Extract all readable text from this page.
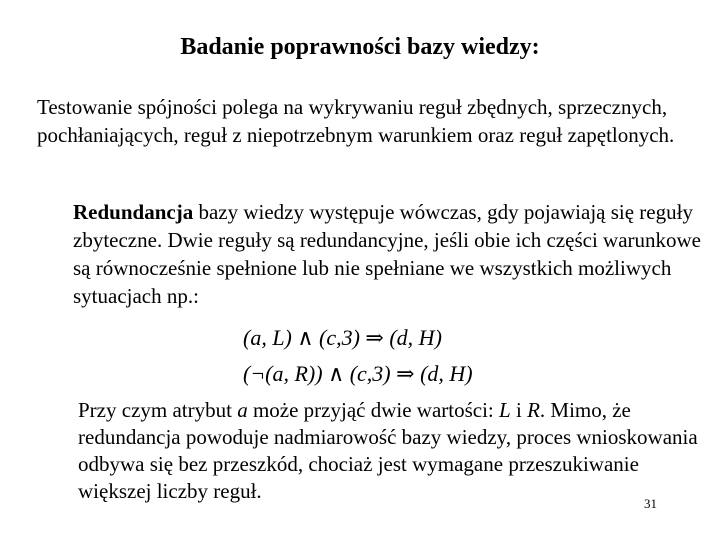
Badanie poprawności bazy wiedzy:
Testowanie spójności polega na wykrywaniu reguł zbędnych, sprzecznych, pochłaniających, reguł z niepotrzebnym warunkiem oraz reguł zapętlonych.
Redundancja bazy wiedzy występuje wówczas, gdy pojawiają się reguły zbyteczne. Dwie reguły są redundancyjne, jeśli obie ich części warunkowe są równocześnie spełnione lub nie spełniane we wszystkich możliwych sytuacjach np.:
(a, L) ∧ (c,3) ⇒ (d, H)
(¬(a, R)) ∧ (c,3) ⇒ (d, H)
Przy czym atrybut a może przyjąć dwie wartości: L i R. Mimo, że redundancja powoduje nadmiarowość bazy wiedzy, proces wnioskowania odbywa się bez przeszkód, chociaż jest wymagane przeszukiwanie większej liczby reguł.
31
